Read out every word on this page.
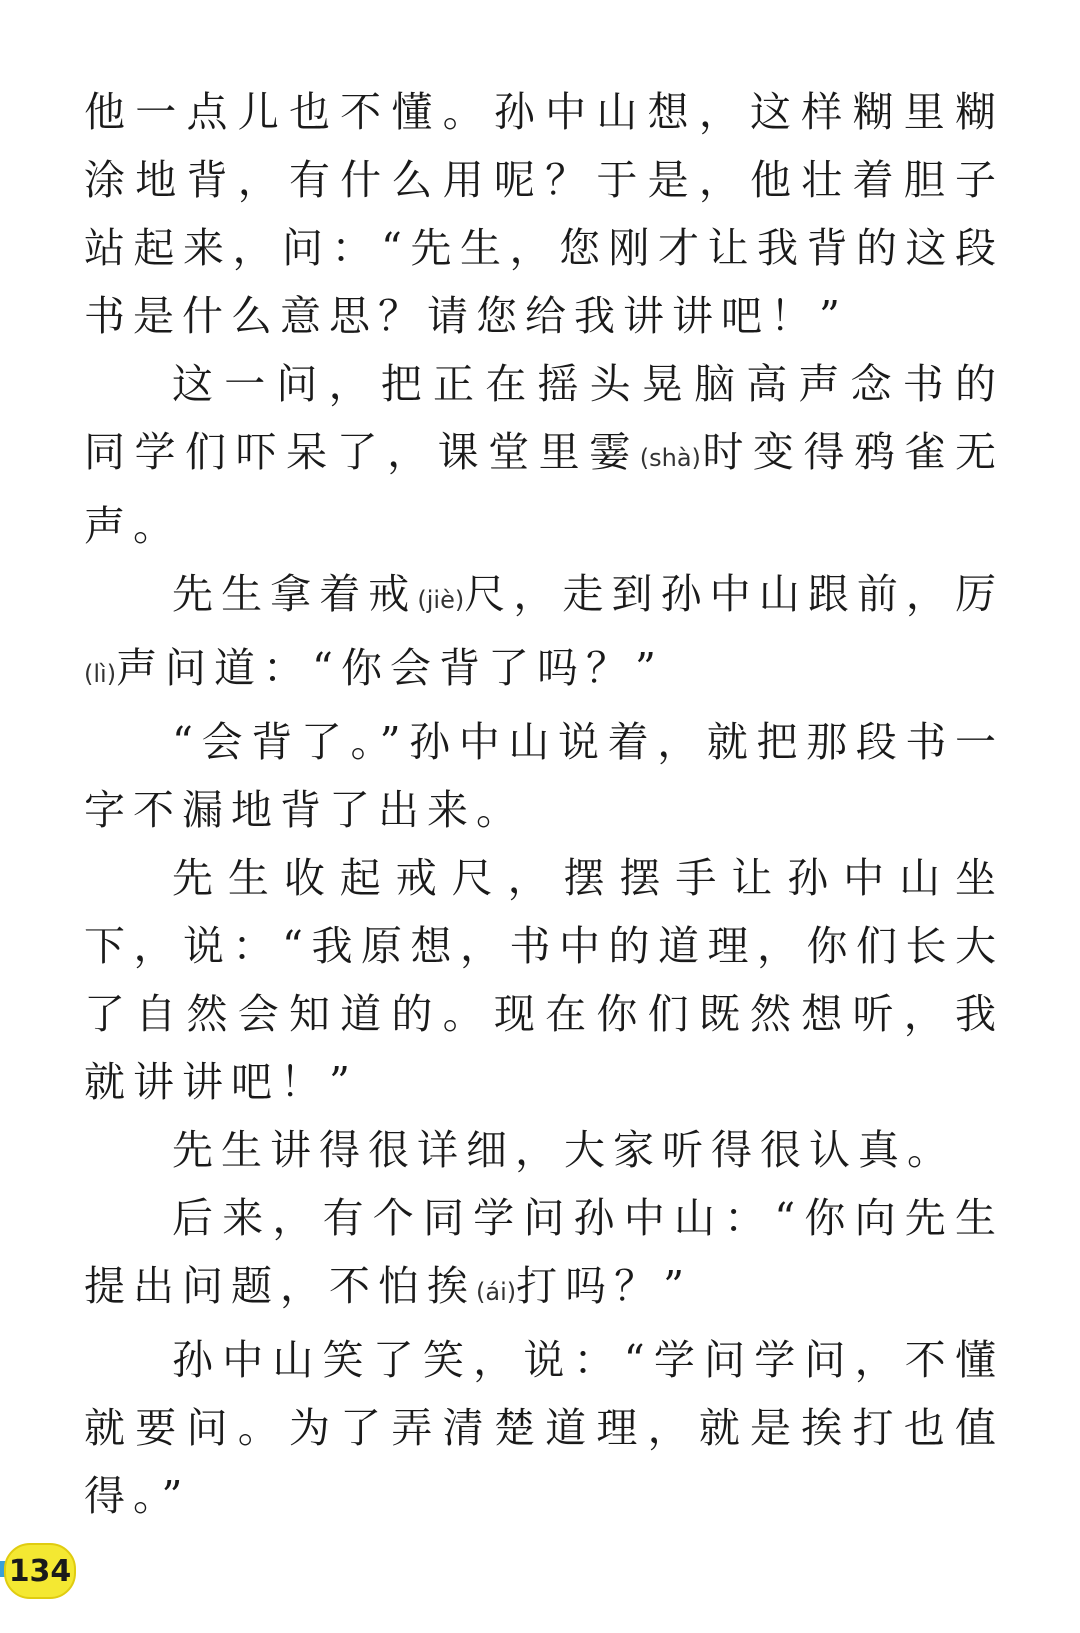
他一点儿也不懂。孙中山想，这样糊里糊涂地背，有什么用呢？于是，他壮着胆子站起来，问：“先生，您刚才让我背的这段书是什么意思？请您给我讲讲吧！”

这一问，把正在摇头晃脑高声念书的同学们吓呆了，课堂里霎(shà)时变得鸦雀无声。

先生拿着戒(jiè)尺，走到孙中山跟前，厉(lì)声问道：“你会背了吗？”

“会背了。”孙中山说着，就把那段书一字不漏地背了出来。

先生收起戒尺，摆摆手让孙中山坐下，说：“我原想，书中的道理，你们长大了自然会知道的。现在你们既然想听，我就讲讲吧！”

先生讲得很详细，大家听得很认真。

后来，有个同学问孙中山：“你向先生提出问题，不怕挨(ái)打吗？”

孙中山笑了笑，说：“学问学问，不懂就要问。为了弄清楚道理，就是挨打也值得。”

134
